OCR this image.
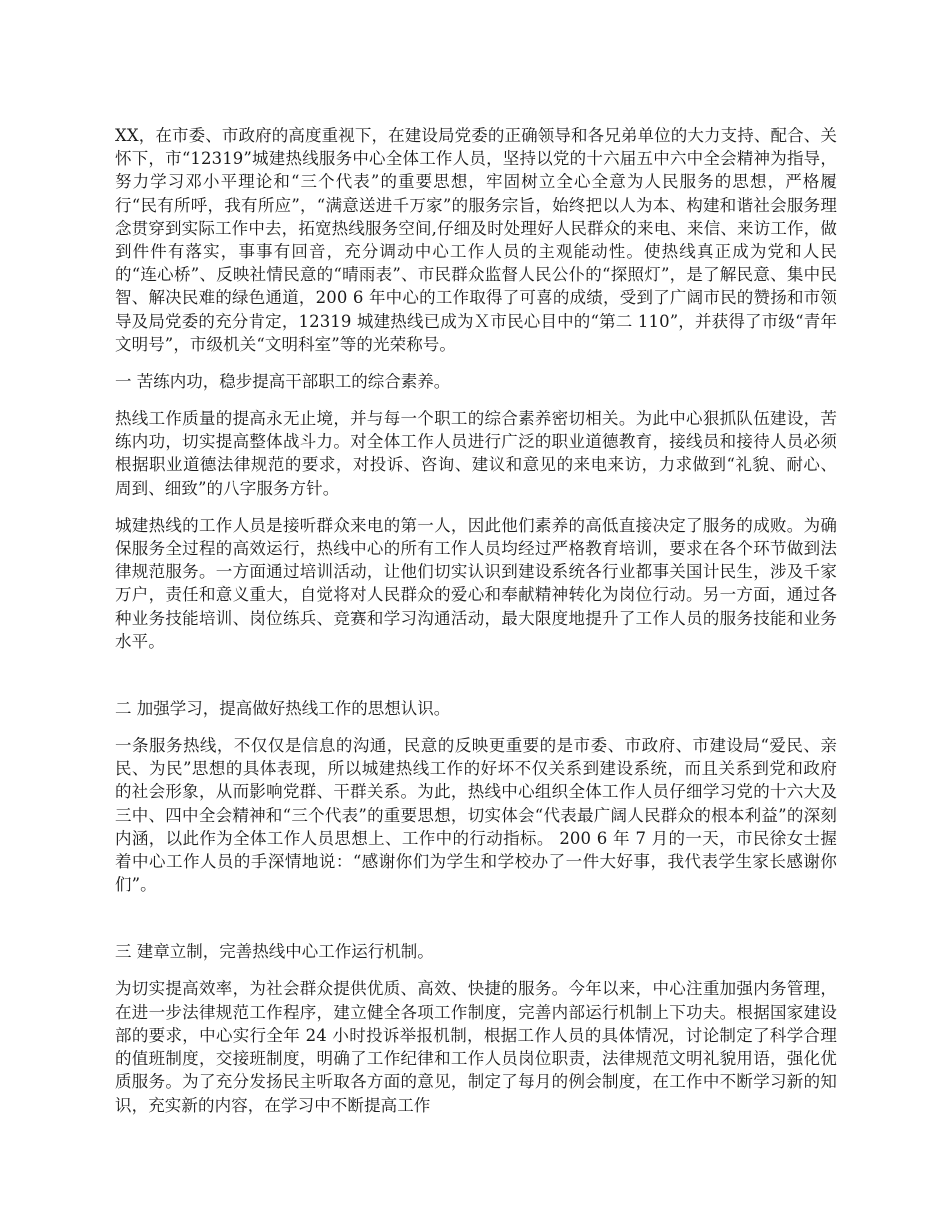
XX，在市委、市政府的高度重视下，在建设局党委的正确领导和各兄弟单位的大力支持、配合、关怀下，市“12319”城建热线服务中心全体工作人员，坚持以党的十六届五中六中全会精神为指导，努力学习邓小平理论和“三个代表”的重要思想，牢固树立全心全意为人民服务的思想，严格履行“民有所呼，我有所应”，“满意送进千万家”的服务宗旨，始终把以人为本、构建和谐社会服务理念贯穿到实际工作中去，拓宽热线服务空间,仔细及时处理好人民群众的来电、来信、来访工作，做到件件有落实，事事有回音，充分调动中心工作人员的主观能动性。使热线真正成为党和人民的“连心桥”、反映社情民意的“晴雨表”、市民群众监督人民公仆的“探照灯”，是了解民意、集中民智、解决民难的绿色通道，200 6 年中心的工作取得了可喜的成绩，受到了广阔市民的赞扬和市领导及局党委的充分肯定，12319 城建热线已成为Ｘ市民心目中的“第二 110”，并获得了市级“青年文明号”，市级机关“文明科室”等的光荣称号。

一 苦练内功，稳步提高干部职工的综合素养。

热线工作质量的提高永无止境，并与每一个职工的综合素养密切相关。为此中心狠抓队伍建设，苦练内功，切实提高整体战斗力。对全体工作人员进行广泛的职业道德教育，接线员和接待人员必须根据职业道德法律规范的要求，对投诉、咨询、建议和意见的来电来访，力求做到“礼貌、耐心、周到、细致”的八字服务方针。

城建热线的工作人员是接听群众来电的第一人，因此他们素养的高低直接决定了服务的成败。为确保服务全过程的高效运行，热线中心的所有工作人员均经过严格教育培训，要求在各个环节做到法律规范服务。一方面通过培训活动，让他们切实认识到建设系统各行业都事关国计民生，涉及千家万户，责任和意义重大，自觉将对人民群众的爱心和奉献精神转化为岗位行动。另一方面，通过各种业务技能培训、岗位练兵、竞赛和学习沟通活动，最大限度地提升了工作人员的服务技能和业务水平。

二 加强学习，提高做好热线工作的思想认识。

一条服务热线，不仅仅是信息的沟通，民意的反映更重要的是市委、市政府、市建设局“爱民、亲民、为民”思想的具体表现，所以城建热线工作的好坏不仅关系到建设系统，而且关系到党和政府的社会形象，从而影响党群、干群关系。为此，热线中心组织全体工作人员仔细学习党的十六大及三中、四中全会精神和“三个代表”的重要思想，切实体会“代表最广阔人民群众的根本利益”的深刻内涵，以此作为全体工作人员思想上、工作中的行动指标。 200 6 年 7 月的一天，市民徐女士握着中心工作人员的手深情地说：“感谢你们为学生和学校办了一件大好事，我代表学生家长感谢你们”。

三 建章立制，完善热线中心工作运行机制。

为切实提高效率，为社会群众提供优质、高效、快捷的服务。今年以来，中心注重加强内务管理，在进一步法律规范工作程序，建立健全各项工作制度，完善内部运行机制上下功夫。根据国家建设部的要求，中心实行全年 24 小时投诉举报机制，根据工作人员的具体情况，讨论制定了科学合理的值班制度，交接班制度，明确了工作纪律和工作人员岗位职责，法律规范文明礼貌用语，强化优质服务。为了充分发扬民主听取各方面的意见，制定了每月的例会制度，在工作中不断学习新的知识，充实新的内容，在学习中不断提高工作
